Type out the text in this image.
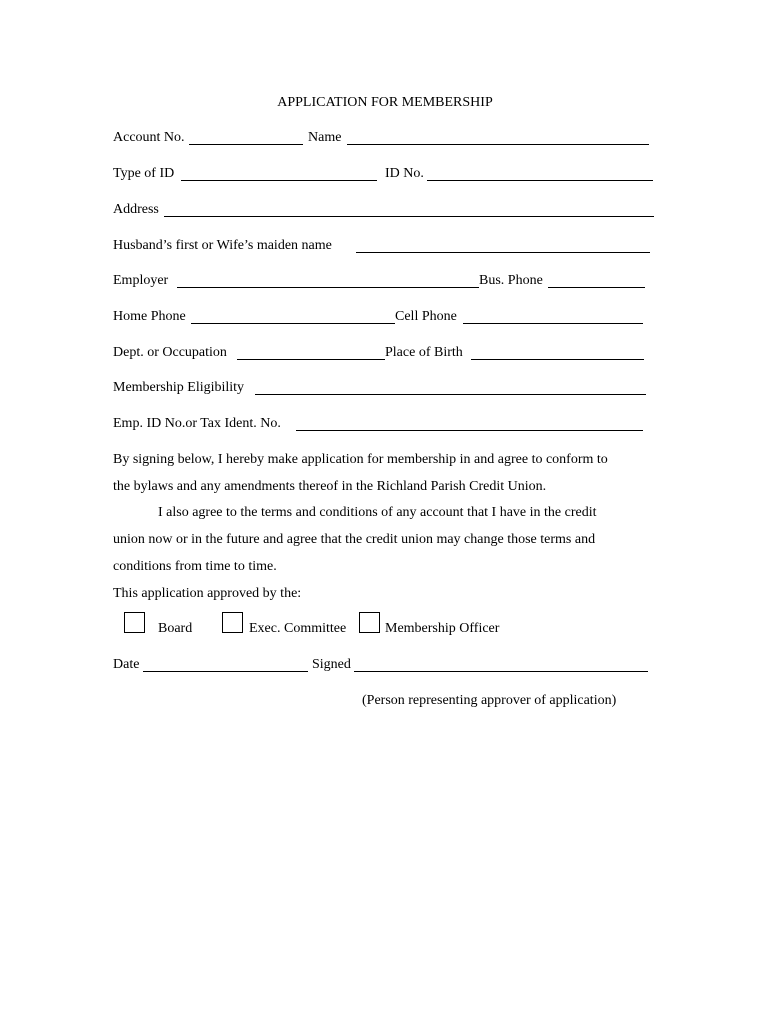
APPLICATION FOR MEMBERSHIP
Account No.	Name
Type of ID	ID No.
Address
Husband’s first or Wife’s maiden name
Employer	Bus. Phone
Home Phone	Cell Phone
Dept. or Occupation	Place of Birth
Membership Eligibility
Emp. ID No.or Tax Ident. No.
By signing below, I hereby make application for membership in and agree to conform to
the bylaws and any amendments thereof in the Richland Parish Credit Union.
I also agree to the terms and conditions of any account that I have in the credit
union now or in the future and agree that the credit union may change those terms and
conditions from time to time.
This application approved by the:
Board	Exec. Committee	Membership Officer
Date	Signed
(Person representing approver of application)
